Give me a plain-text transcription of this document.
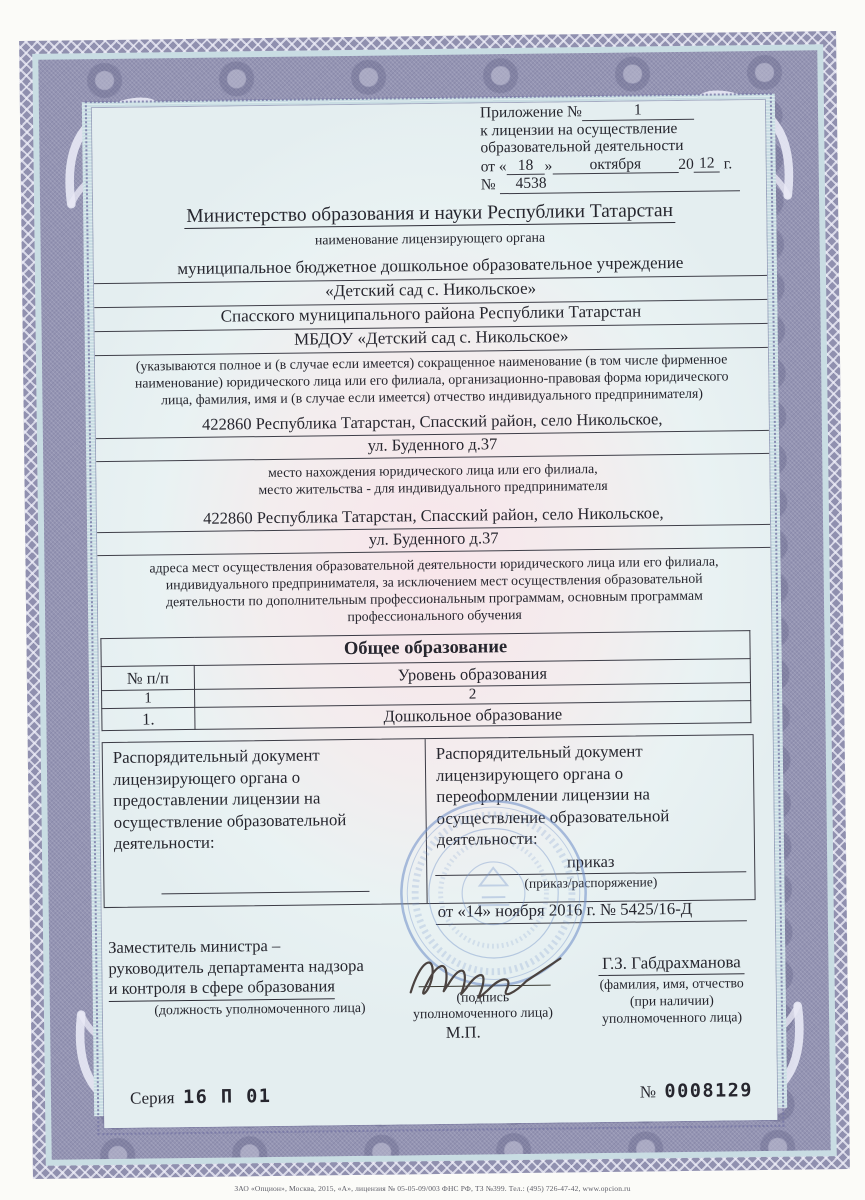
Приложение №	1
к лицензии на осуществление
образовательной деятельности
от « 18 » октября 20 12 г.
№ 4538
Министерство образования и науки Республики Татарстан
наименование лицензирующего органа
муниципальное бюджетное дошкольное образовательное учреждение
«Детский сад с. Никольское»
Спасского муниципального района Республики Татарстан
МБДОУ «Детский сад с. Никольское»
(указываются полное и (в случае если имеется) сокращенное наименование (в том числе фирменное
наименование) юридического лица или его филиала, организационно-правовая форма юридического
лица, фамилия, имя и (в случае если имеется) отчество индивидуального предпринимателя)
422860 Республика Татарстан, Спасский район, село Никольское,
ул. Буденного д.37
место нахождения юридического лица или его филиала,
место жительства - для индивидуального предпринимателя
422860 Республика Татарстан, Спасский район, село Никольское,
ул. Буденного д.37
адреса мест осуществления образовательной деятельности юридического лица или его филиала,
индивидуального предпринимателя, за исключением мест осуществления образовательной
деятельности по дополнительным профессиональным программам, основным программам
профессионального обучения
Общее образование	
№ п/п	Уровень образования
1	2
1.	Дошкольное образование

Распорядительный документ лицензирующего органа о предоставлении лицензии на осуществление образовательной деятельности:

Распорядительный документ лицензирующего органа о переоформлении лицензии на осуществление образовательной деятельности:

приказ
(приказ/распоряжение)
от «14» ноября 2016 г. № 5425/16-Д
Заместитель министра –
руководитель департамента надзора
и контроля в сфере образования
(должность уполномоченного лица)
(подпись
уполномоченного лица)
М.П.
Г.З. Габдрахманова
(фамилия, имя, отчество
(при наличии)
уполномоченного лица)
Серия 16 П 01	№ 0008129
ЗАО «Опцион», Москва, 2015, «А», лицензия № 05-05-09/003 ФНС РФ, ТЗ №399. Тел.: (495) 726-47-42, www.opcion.ru
